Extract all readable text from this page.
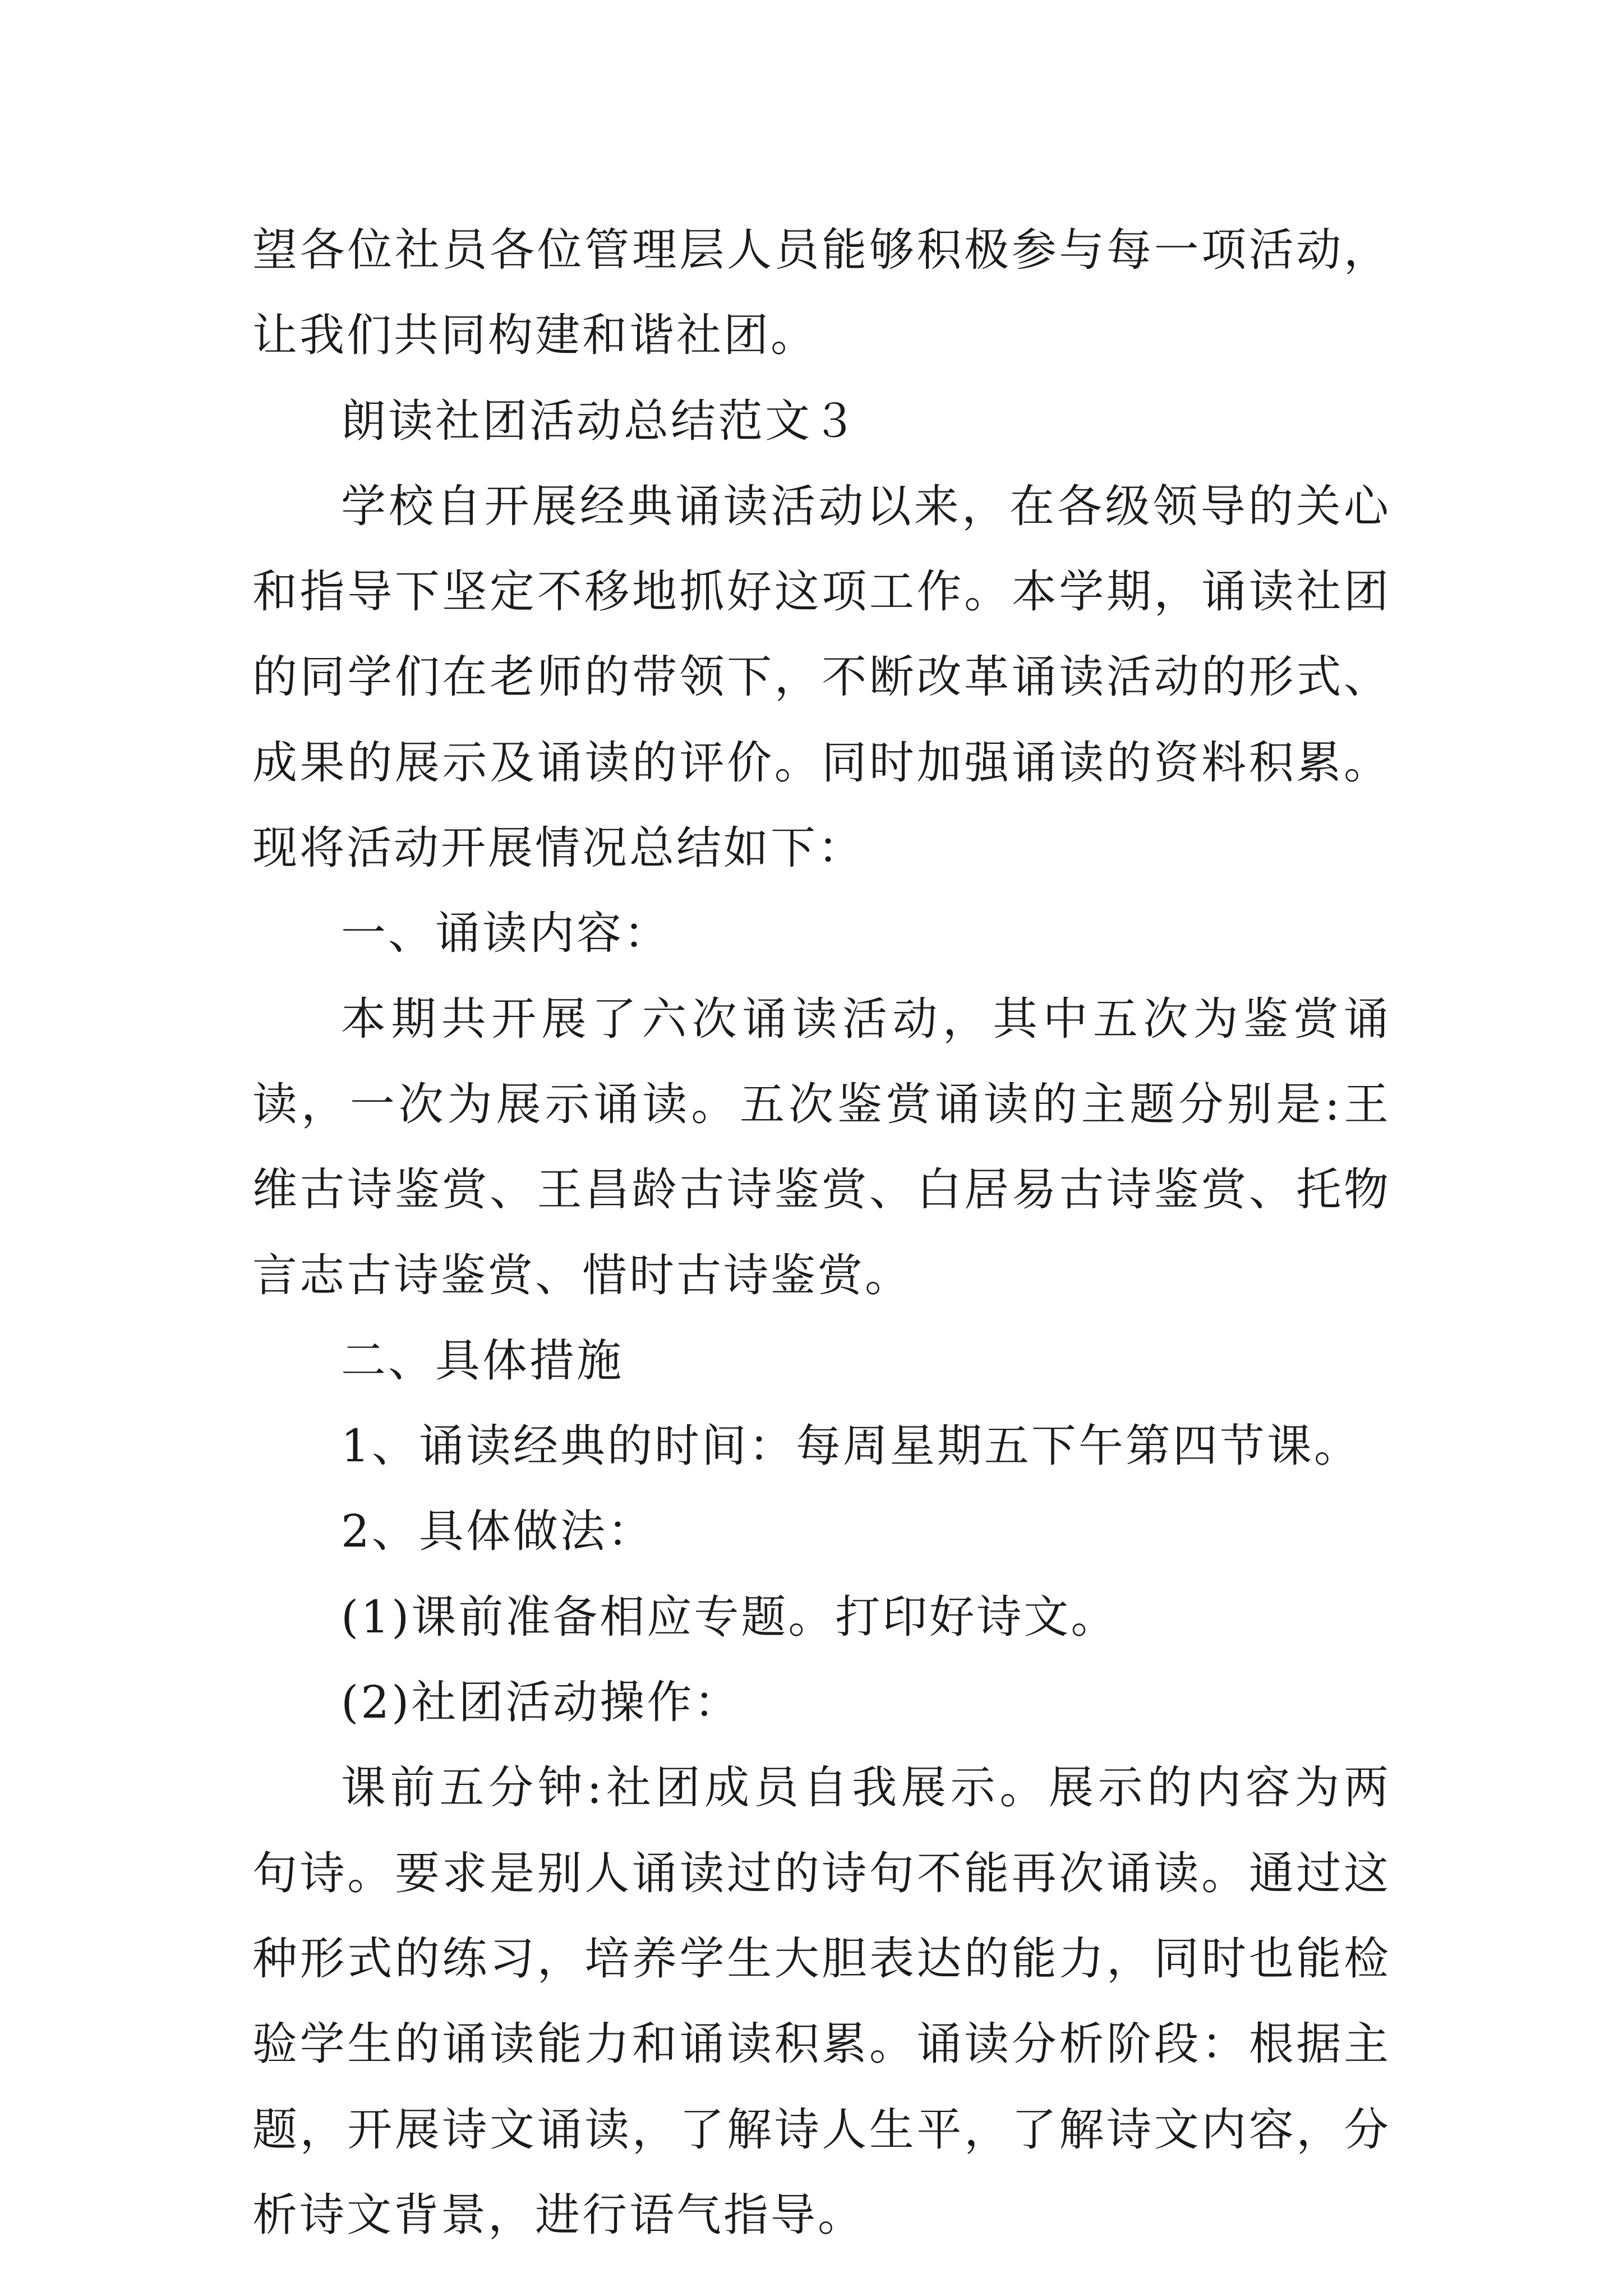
望各位社员各位管理层人员能够积极参与每一项活动，让我们共同构建和谐社团。

朗读社团活动总结范文３

学校自开展经典诵读活动以来，在各级领导的关心和指导下坚定不移地抓好这项工作。本学期，诵读社团的同学们在老师的带领下，不断改革诵读活动的形式、成果的展示及诵读的评价。同时加强诵读的资料积累。现将活动开展情况总结如下：

一、诵读内容：

本期共开展了六次诵读活动，其中五次为鉴赏诵读，一次为展示诵读。五次鉴赏诵读的主题分别是:王维古诗鉴赏、王昌龄古诗鉴赏、白居易古诗鉴赏、托物言志古诗鉴赏、惜时古诗鉴赏。

二、具体措施

1、诵读经典的时间：每周星期五下午第四节课。

2、具体做法：

(1)课前准备相应专题。打印好诗文。

(2)社团活动操作：

课前五分钟:社团成员自我展示。展示的内容为两句诗。要求是别人诵读过的诗句不能再次诵读。通过这种形式的练习，培养学生大胆表达的能力，同时也能检验学生的诵读能力和诵读积累。诵读分析阶段：根据主题，开展诗文诵读，了解诗人生平，了解诗文内容，分析诗文背景，进行语气指导。
